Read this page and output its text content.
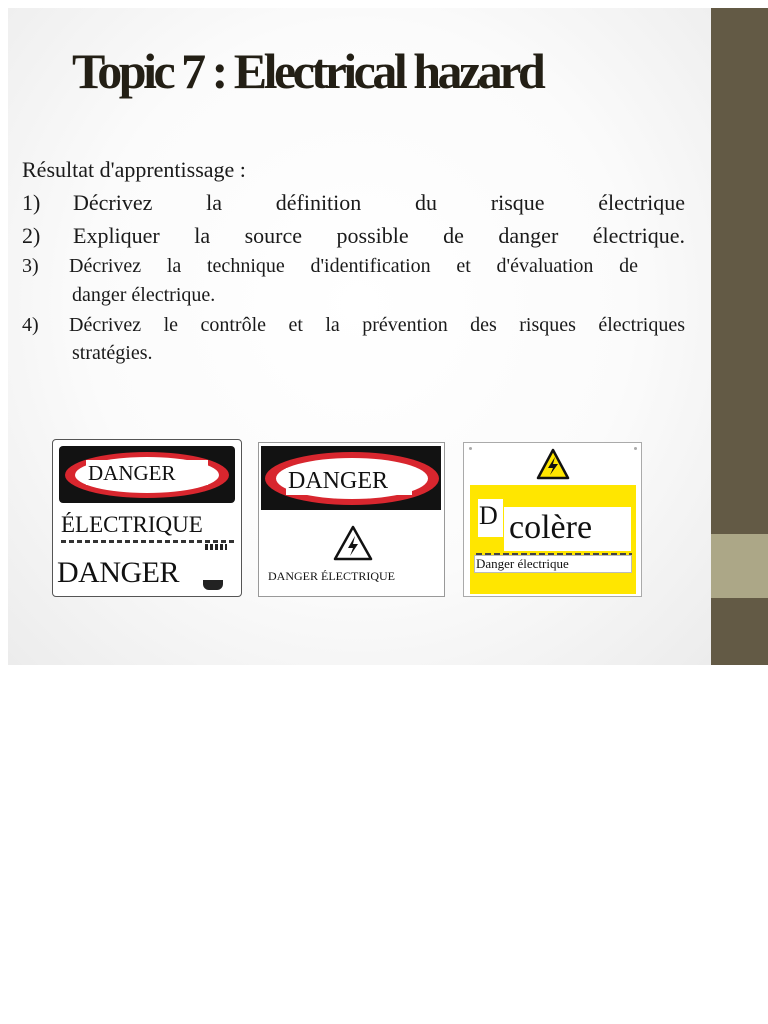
Topic 7 : Electrical hazard
Résultat d'apprentissage :
1)	Décrivez la définition du risque électrique
2)	Expliquer la source possible de danger électrique.
3)	Décrivez la technique d'identification et d'évaluation de
danger électrique.
4)	Décrivez le contrôle et la prévention des risques électriques
stratégies.
DANGER
ÉLECTRIQUE
DANGER
DANGER
DANGER ÉLECTRIQUE
D colère
Danger électrique
